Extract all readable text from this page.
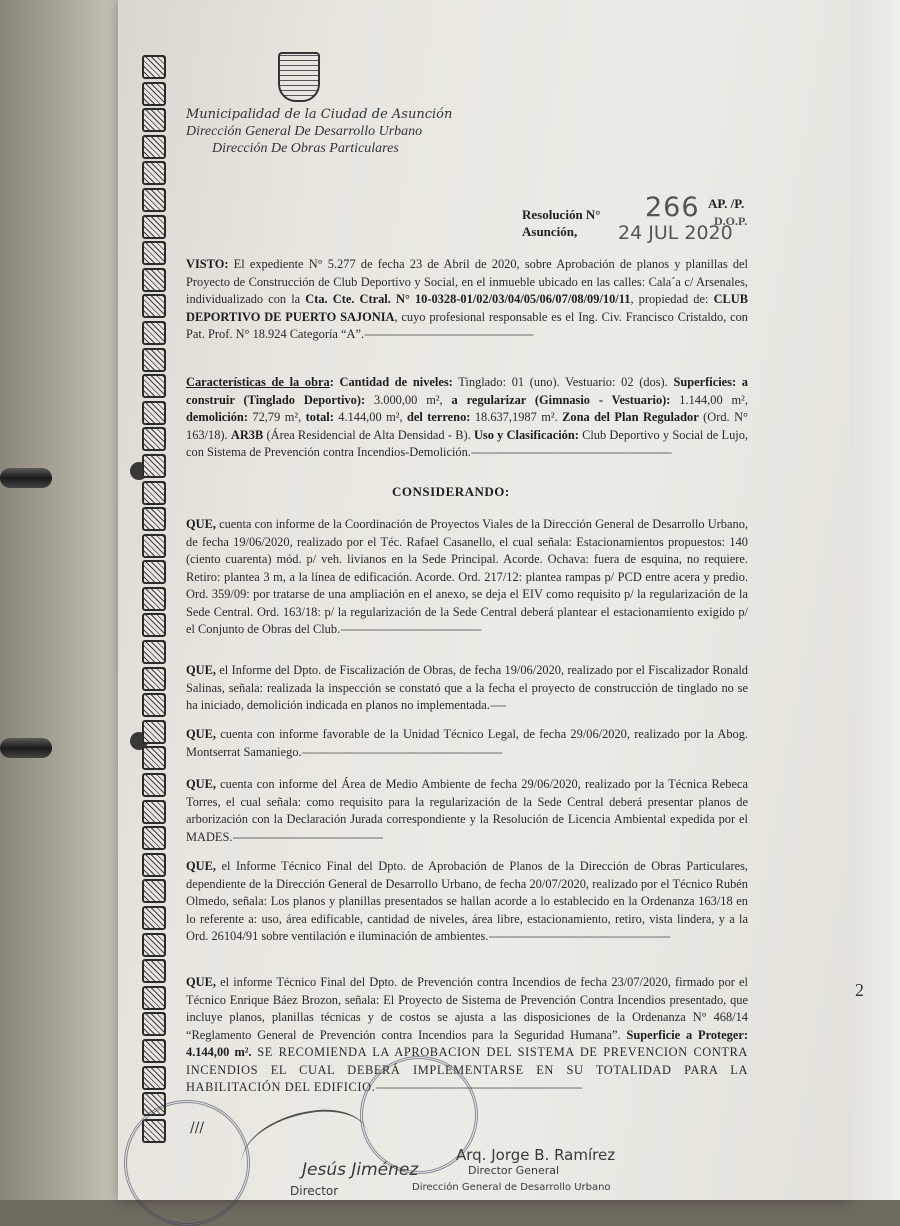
Municipalidad de la Ciudad de Asunción
Dirección General De Desarrollo Urbano
Dirección De Obras Particulares
Resolución N°
Asunción,
266
24 JUL 2020
AP. /P.
D.O.P.
VISTO: El expediente N° 5.277 de fecha 23 de Abril de 2020, sobre Aprobación de planos y planillas del Proyecto de Construcción de Club Deportivo y Social, en el inmueble ubicado en las calles: Cala´a c/ Arsenales, individualizado con la Cta. Cte. Ctral. N° 10-0328-01/02/03/04/05/06/07/08/09/10/11, propiedad de: CLUB DEPORTIVO DE PUERTO SAJONIA, cuyo profesional responsable es el Ing. Civ. Francisco Cristaldo, con Pat. Prof. N° 18.924 Categoría “A”.------------------------------------------------------
Características de la obra: Cantidad de niveles: Tinglado: 01 (uno). Vestuario: 02 (dos). Superficies: a construir (Tinglado Deportivo): 3.000,00 m², a regularizar (Gimnasio - Vestuario): 1.144,00 m², demolición: 72,79 m², total: 4.144,00 m², del terreno: 18.637,1987 m². Zona del Plan Regulador (Ord. N° 163/18). AR3B (Área Residencial de Alta Densidad - B). Uso y Clasificación: Club Deportivo y Social de Lujo, con Sistema de Prevención contra Incendios-Demolición.----------------------------------------------------------------
CONSIDERANDO:
QUE, cuenta con informe de la Coordinación de Proyectos Viales de la Dirección General de Desarrollo Urbano, de fecha 19/06/2020, realizado por el Téc. Rafael Casanello, el cual señala: Estacionamientos propuestos: 140 (ciento cuarenta) mód. p/ veh. livianos en la Sede Principal. Acorde. Ochava: fuera de esquina, no requiere. Retiro: plantea 3 m, a la línea de edificación. Acorde. Ord. 217/12: plantea rampas p/ PCD entre acera y predio. Ord. 359/09: por tratarse de una ampliación en el anexo, se deja el EIV como requisito p/ la regularización de la Sede Central. Ord. 163/18: p/ la regularización de la Sede Central deberá plantear el estacionamiento exigido p/ el Conjunto de Obras del Club.---------------------------------------------
QUE, el Informe del Dpto. de Fiscalización de Obras, de fecha 19/06/2020, realizado por el Fiscalizador Ronald Salinas, señala: realizada la inspección se constató que a la fecha el proyecto de construcción de tinglado no se ha iniciado, demolición indicada en planos no implementada.-----
QUE, cuenta con informe favorable de la Unidad Técnico Legal, de fecha 29/06/2020, realizado por la Abog. Montserrat Samaniego.----------------------------------------------------------------
QUE, cuenta con informe del Área de Medio Ambiente de fecha 29/06/2020, realizado por la Técnica Rebeca Torres, el cual señala: como requisito para la regularización de la Sede Central deberá presentar planos de arborización con la Declaración Jurada correspondiente y la Resolución de Licencia Ambiental expedida por el MADES.------------------------------------------------
QUE, el Informe Técnico Final del Dpto. de Aprobación de Planos de la Dirección de Obras Particulares, dependiente de la Dirección General de Desarrollo Urbano, de fecha 20/07/2020, realizado por el Técnico Rubén Olmedo, señala: Los planos y planillas presentados se hallan acorde a lo establecido en la Ordenanza 163/18 en lo referente a: uso, área edificable, cantidad de niveles, área libre, estacionamiento, retiro, vista lindera, y a la Ord. 26104/91 sobre ventilación e iluminación de ambientes.----------------------------------------------------------
QUE, el informe Técnico Final del Dpto. de Prevención contra Incendios de fecha 23/07/2020, firmado por el Técnico Enrique Báez Brozon, señala: El Proyecto de Sistema de Prevención Contra Incendios presentado, que incluye planos, planillas técnicas y de costos se ajusta a las disposiciones de la Ordenanza N° 468/14 “Reglamento General de Prevención contra Incendios para la Seguridad Humana”. Superficie a Proteger: 4.144,00 m². SE RECOMIENDA LA APROBACION DEL SISTEMA DE PREVENCION CONTRA INCENDIOS EL CUAL DEBERÁ IMPLEMENTARSE EN SU TOTALIDAD PARA LA HABILITACIÓN DEL EDIFICIO.------------------------------------------------------------------
///
Jesús Jiménez
Director
Arq. Jorge B. Ramírez
Director General
Dirección General de Desarrollo Urbano
2
